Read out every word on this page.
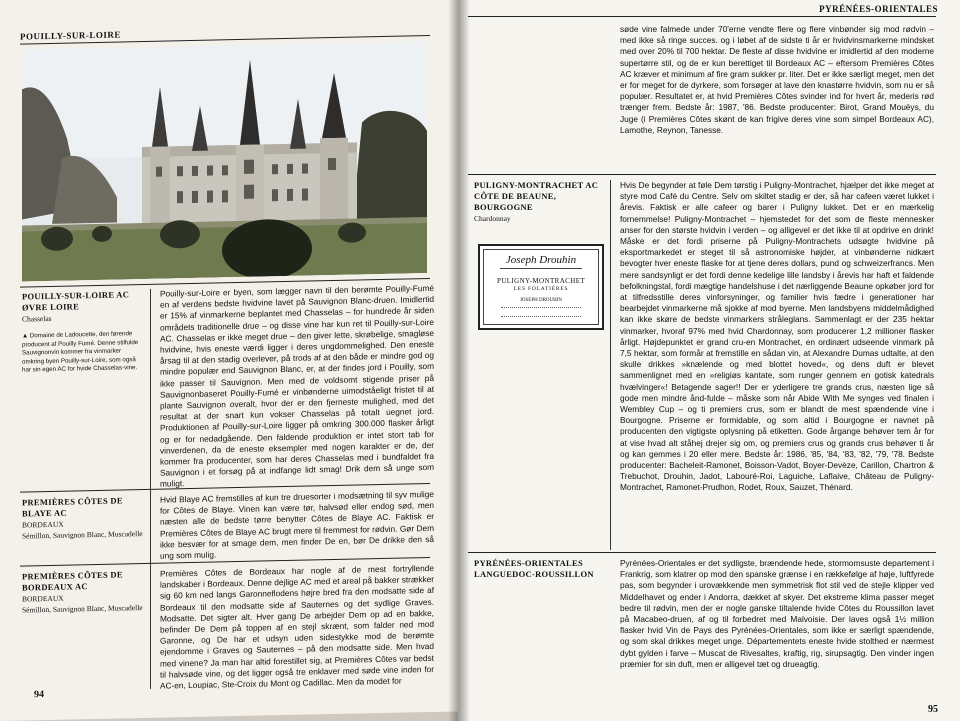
POUILLY-SUR-LOIRE
POUILLY-SUR-LOIRE AC
ØVRE LOIRE
Chasselas
▲ Domaine de Ladoucette, den førende producent af Pouilly Fumé. Denne stilfulde Sauvignonvin kommer fra vinmarker omkring byen Pouilly-sur-Loire, som også har sin egen AC for hvide Chasselas-vine.
Pouilly-sur-Loire er byen, som lægger navn til den berømte Pouilly-Fumé en af verdens bedste hvidvine lavet på Sauvignon Blanc-druen. Imidlertid er 15% af vinmarkerne beplantet med Chasselas – for hundrede år siden områdets traditionelle drue – og disse vine har kun ret til Pouilly-sur-Loire AC. Chasselas er ikke meget drue – den giver lette, skrøbelige, smagløse hvidvine, hvis eneste værdi ligger i deres ungdommelighed. Den eneste årsag til at den stadig overlever, på trods af at den både er mindre god og mindre populær end Sauvignon Blanc, er, at der findes jord i Pouilly, som ikke passer til Sauvignon. Men med de voldsomt stigende priser på Sauvignonbaseret Pouilly-Fumé er vinbønderne uimodståeligt fristet til at plante Sauvignon overalt, hvor der er den fjerneste mulighed, med det resultat at der snart kun vokser Chasselas på totalt uegnet jord. Produktionen af Pouilly-sur-Loire ligger på omkring 300.000 flasker årligt og er for nedadgående. Den faldende produktion er intet stort tab for vinverdenen, da de eneste eksempler med nogen karakter er de, der kommer fra producenter, som har deres Chasselas med i bundfaldet fra Sauvignon i et forsøg på at indfange lidt smag! Drik dem så unge som muligt.
PREMIÈRES CÔTES DE BLAYE AC
BORDEAUX
Sémillon, Sauvignon Blanc, Muscadelle
Hvid Blaye AC fremstilles af kun tre druesorter i modsætning til syv mulige for Côtes de Blaye. Vinen kan være tør, halvsød eller endog sød, men næsten alle de bedste tørre benytter Côtes de Blaye AC. Faktisk er Premières Côtes de Blaye AC brugt mere til fremmest for rødvin. Gør Dem ikke besvær for at smage dem, men finder De en, bør De drikke den så ung som mulig.
PREMIÈRES CÔTES DE BORDEAUX AC
BORDEAUX
Sémillon, Sauvignon Blanc, Muscadelle
Premières Côtes de Bordeaux har nogle af de mest fortryllende landskaber i Bordeaux. Denne dejlige AC med et areal på bakker strækker sig 60 km ned langs Garonneflodens højre bred fra den modsatte side af Bordeaux til den modsatte side af Sauternes og det sydlige Graves. Modsatte. Det sigter alt. Hver gang De arbejder Dem op ad en bakke, befinder De Dem på toppen af en stejl skrænt, som falder ned mod Garonne, og De har et udsyn uden sidestykke mod de berømte ejendomme i Graves og Sauternes – på den modsatte side. Men hvad med vinene? Ja man har altid forestillet sig, at Premières Côtes var bedst til halvsøde vine, og det ligger også tre enklaver med søde vine inden for AC-en, Loupiac, Ste-Croix du Mont og Cadillac. Men da modet for
94
PYRÉNÉES-ORIENTALES
søde vine falmede under 70'erne vendte flere og flere vinbønder sig mod rødvin – med ikke så ringe succes. og i løbet af de sidste ti år er hvidvinsmarkerne mindsket med over 20% til 700 hektar. De fleste af disse hvidvine er imidlertid af den moderne supertørre stil, og de er kun berettiget til Bordeaux AC – eftersom Premières Côtes AC kræver et minimum af fire gram sukker pr. liter. Det er ikke særligt meget, men det er for meget for de dyrkere, som forsøger at lave den knastørre hvidvin, som nu er så populær. Resultatet er, at hvid Premières Côtes svinder ind for hvert år, mederis rød trænger frem. Bedste år: 1987, '86. Bedste producenter: Birot, Grand Mouëys, du Juge (i Premières Côtes skønt de kan frigive deres vine som simpel Bordeaux AC), Lamothe, Reynon, Tanesse.
PULIGNY-MONTRACHET AC
CÔTE DE BEAUNE,
BOURGOGNE
Chardonnay
Hvis De begynder at føle Dem tørstig i Puligny-Montrachet, hjælper det ikke meget at styre mod Café du Centre. Selv om skiltet stadig er der, så har cafeen været lukket i årevis. Faktisk er alle cafeer og barer i Puligny lukket. Det er en mærkelig fornemmelse! Puligny-Montrachet – hjemstedet for det som de fleste mennesker anser for den største hvidvin i verden – og alligevel er det ikke til at opdrive en drink! Måske er det fordi priserne på Puligny-Montrachets udsøgte hvidvine på eksportmarkedet er steget til så astronomiske højder, at vinbønderne nidkært bevogter hver eneste flaske for at tjene deres dollars, pund og schweizerfrancs. Men mere sandsynligt er det fordi denne kedelige lille landsby i årevis har haft et faldende befolkningstal, fordi mægtige handelshuse i det nærliggende Beaune opkøber jord for at tilfredsstille deres vinforsyninger, og familier hvis fædre i generationer har bearbejdet vinmarkerne må sjokke af mod byerne. Men landsbyens middelmådighed kan ikke skøre de bedste vinmarkers stråleglans. Sammenlagt er der 235 hektar vinmarker, hvoraf 97% med hvid Chardonnay, som producerer 1,2 millioner flasker årligt. Højdepunktet er grand cru-en Montrachet, en ordinært udseende vinmark på 7,5 hektar, som formår at fremstille en sådan vin, at Alexandre Dumas udtalte, at den skulle drikkes »knælende og med blottet hoved«, og dens duft er blevet sammenlignet med en »religiøs kantate, som runger gennem en gotisk katedrals hvælvinger«! Betagende sager!! Der er yderligere tre grands crus, næsten lige så gode men mindre ånd-fulde – måske som når Abide With Me synges ved finalen i Wembley Cup – og ti premiers crus, som er blandt de mest spændende vine i Bourgogne. Priserne er formidable, og som altid i Bourgogne er navnet på producenten den vigtigste oplysning på etiketten. Gode årgange behøver tem år for at vise hvad alt ståhej drejer sig om, og premiers crus og grands crus behøver ti år og kan gemmes i 20 eller mere. Bedste år: 1986, '85, '84, '83, '82, '79, '78. Bedste producenter: Bacheleit-Ramonet, Boisson-Vadot, Boyer-Devèze, Carillon, Chartron & Trebuchot, Drouhin, Jadot, Labouré-Roi, Laguiche, Laflaive, Château de Puligny-Montrachet, Ramonet-Prudhon, Rodet, Roux, Sauzet, Thénard.
PYRÉNÉES-ORIENTALES
LANGUEDOC-ROUSSILLON
Pyrénées-Orientales er det sydligste, brændende hede, stormomsuste departement i Frankrig, som klatrer op mod den spanske grænse i en rækkefølge af høje, luftfyrede pas, som begynder i urovækkende men symmetrisk flot stil ved de stejle klipper ved Middelhavet og ender i Andorra, dækket af skyer. Det ekstreme klima passer meget bedre til rødvin, men der er nogle ganske tiltalende hvide Côtes du Roussillon lavet på Macabeo-druen, af og til forbedret med Malvoisie. Der laves også 1½ million flasker hvid Vin de Pays des Pyrénées-Orientales, som ikke er særligt spændende, og som skal drikkes meget unge. Départementets eneste hvide stolthed er nærmest dybt gylden i farve – Muscat de Rivesaltes, kraftig, rig, sirupsagtig. Den vinder ingen præmier for sin duft, men er alligevel tæt og drueagtig.
95
Joseph Drouhin
PULIGNY-MONTRACHET
LES FOLATIÈRES
JOSEPH DROUHIN
